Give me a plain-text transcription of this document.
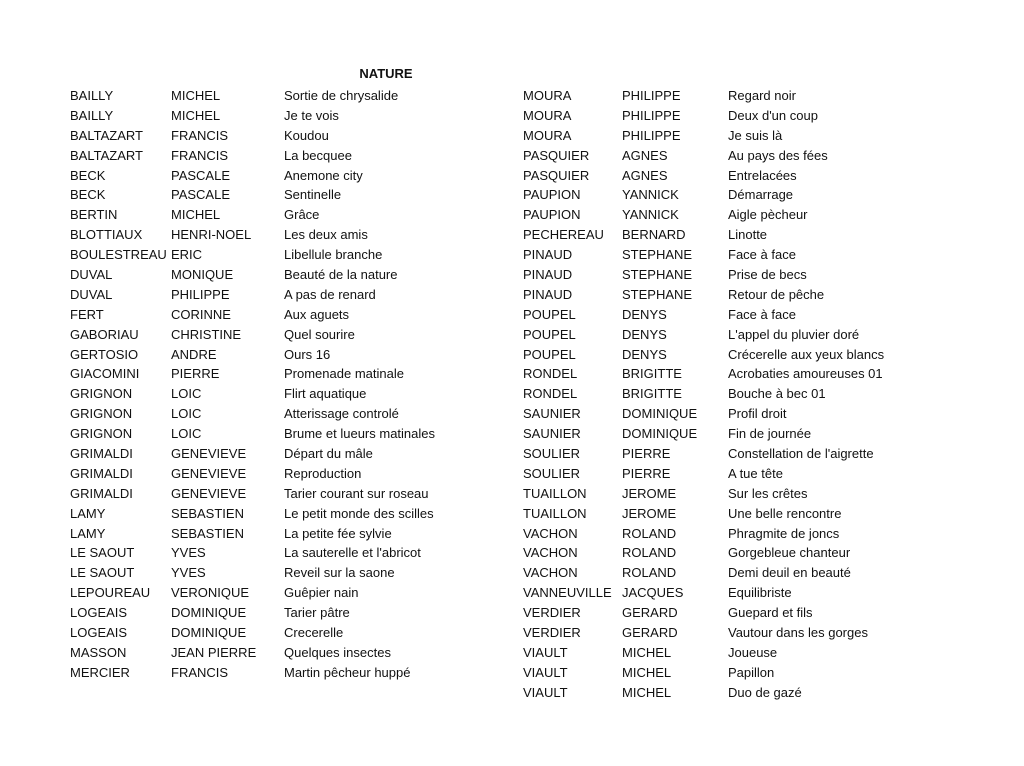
NATURE
BAILLY	MICHEL	Sortie de chrysalide
BAILLY	MICHEL	Je te vois
BALTAZART	FRANCIS	Koudou
BALTAZART	FRANCIS	La becquee
BECK	PASCALE	Anemone city
BECK	PASCALE	Sentinelle
BERTIN	MICHEL	Grâce
BLOTTIAUX	HENRI-NOEL	Les deux amis
BOULESTREAU ERIC	Libellule branche
DUVAL	MONIQUE	Beauté de la nature
DUVAL	PHILIPPE	A pas de renard
FERT	CORINNE	Aux aguets
GABORIAU	CHRISTINE	Quel sourire
GERTOSIO	ANDRE	Ours 16
GIACOMINI	PIERRE	Promenade matinale
GRIGNON	LOIC	Flirt aquatique
GRIGNON	LOIC	Atterissage controlé
GRIGNON	LOIC	Brume et lueurs matinales
GRIMALDI	GENEVIEVE	Départ du mâle
GRIMALDI	GENEVIEVE	Reproduction
GRIMALDI	GENEVIEVE	Tarier courant sur roseau
LAMY	SEBASTIEN	Le petit monde des scilles
LAMY	SEBASTIEN	La petite fée sylvie
LE SAOUT	YVES	La sauterelle et l'abricot
LE SAOUT	YVES	Reveil sur la saone
LEPOUREAU	VERONIQUE	Guêpier nain
LOGEAIS	DOMINIQUE	Tarier pâtre
LOGEAIS	DOMINIQUE	Crecerelle
MASSON	JEAN PIERRE	Quelques insectes
MERCIER	FRANCIS	Martin pêcheur huppé
MOURA	PHILIPPE	Regard noir
MOURA	PHILIPPE	Deux d'un coup
MOURA	PHILIPPE	Je suis là
PASQUIER	AGNES	Au pays des fées
PASQUIER	AGNES	Entrelacées
PAUPION	YANNICK	Démarrage
PAUPION	YANNICK	Aigle pècheur
PECHEREAU	BERNARD	Linotte
PINAUD	STEPHANE	Face à face
PINAUD	STEPHANE	Prise de becs
PINAUD	STEPHANE	Retour de pêche
POUPEL	DENYS	Face à face
POUPEL	DENYS	L'appel du pluvier doré
POUPEL	DENYS	Crécerelle aux yeux blancs
RONDEL	BRIGITTE	Acrobaties amoureuses 01
RONDEL	BRIGITTE	Bouche à bec 01
SAUNIER	DOMINIQUE	Profil droit
SAUNIER	DOMINIQUE	Fin de journée
SOULIER	PIERRE	Constellation de l'aigrette
SOULIER	PIERRE	A tue tête
TUAILLON	JEROME	Sur les crêtes
TUAILLON	JEROME	Une belle rencontre
VACHON	ROLAND	Phragmite de joncs
VACHON	ROLAND	Gorgebleue chanteur
VACHON	ROLAND	Demi deuil en beauté
VANNEUVILLE JACQUES	Equilibriste
VERDIER	GERARD	Guepard et fils
VERDIER	GERARD	Vautour dans les gorges
VIAULT	MICHEL	Joueuse
VIAULT	MICHEL	Papillon
VIAULT	MICHEL	Duo de gazé
